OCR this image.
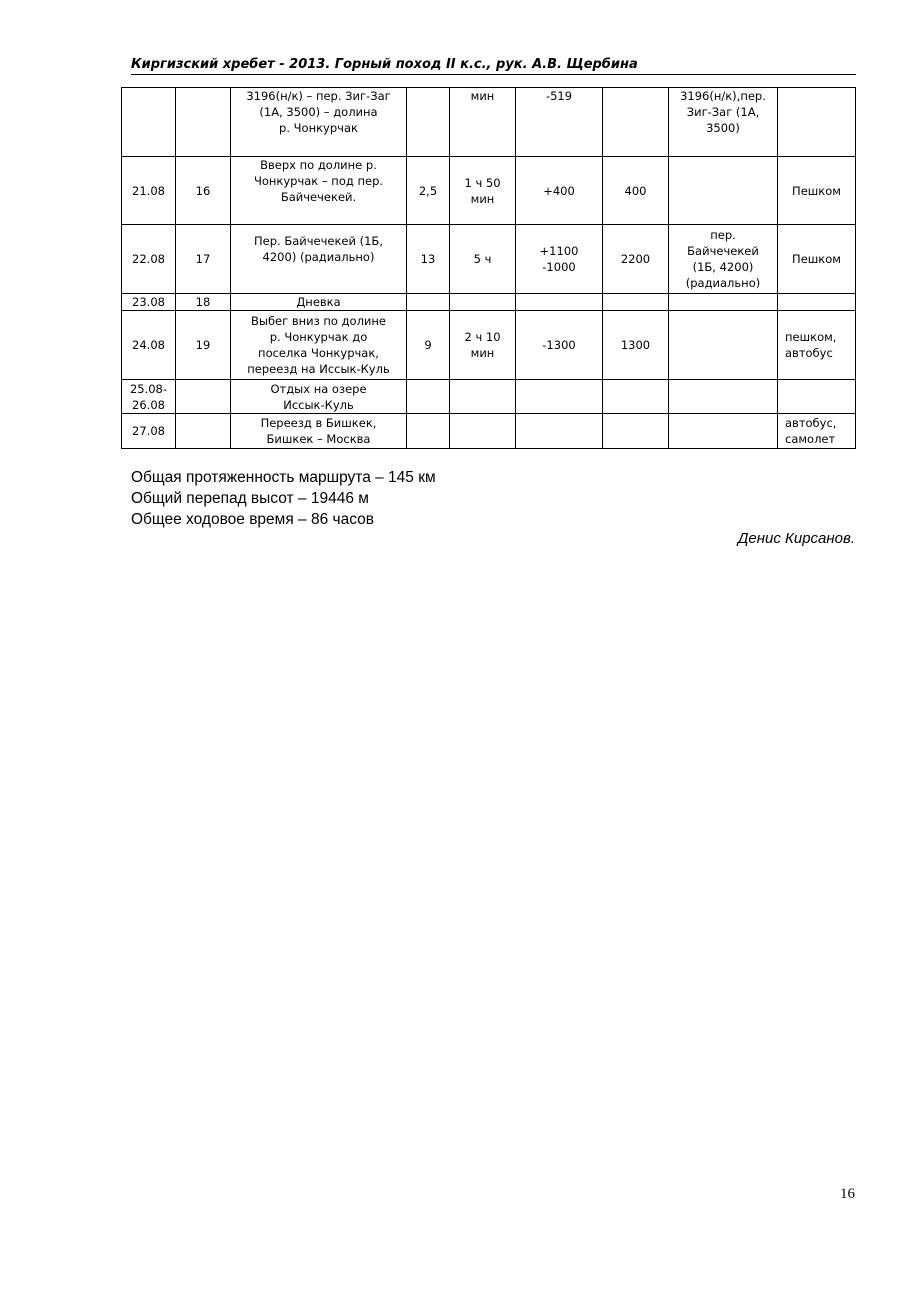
Киргизский хребет - 2013. Горный поход II к.с., рук. А.В. Щербина

		3196(н/к) – пер. Зиг-Заг
(1А, 3500) – долина
р. Чонкурчак		мин	-519		3196(н/к),пер.
Зиг-Заг (1А,
3500)	

21.08	16	Вверх по долине р.
Чонкурчак – под пер.
Байчечекей.	2,5	1 ч 50
мин	+400	400		Пешком

22.08	17	Пер. Байчечекей (1Б,
4200) (радиально)	13	5 ч	+1100
-1000	2200	пер.
Байчечекей
(1Б, 4200)
(радиально)	Пешком

23.08	18	Дневка						

24.08	19	Выбег вниз по долине
р. Чонкурчак до
поселка Чонкурчак,
переезд на Иссык-Куль	9	2 ч 10
мин	-1300	1300		пешком,
автобус

25.08-
26.08		Отдых на озере
Иссык-Куль						

27.08		Переезд в Бишкек,
Бишкек – Москва						автобус,
самолет
Общая протяженность маршрута – 145 км
Общий перепад высот – 19446 м
Общее ходовое время – 86 часов
Денис Кирсанов.
16
